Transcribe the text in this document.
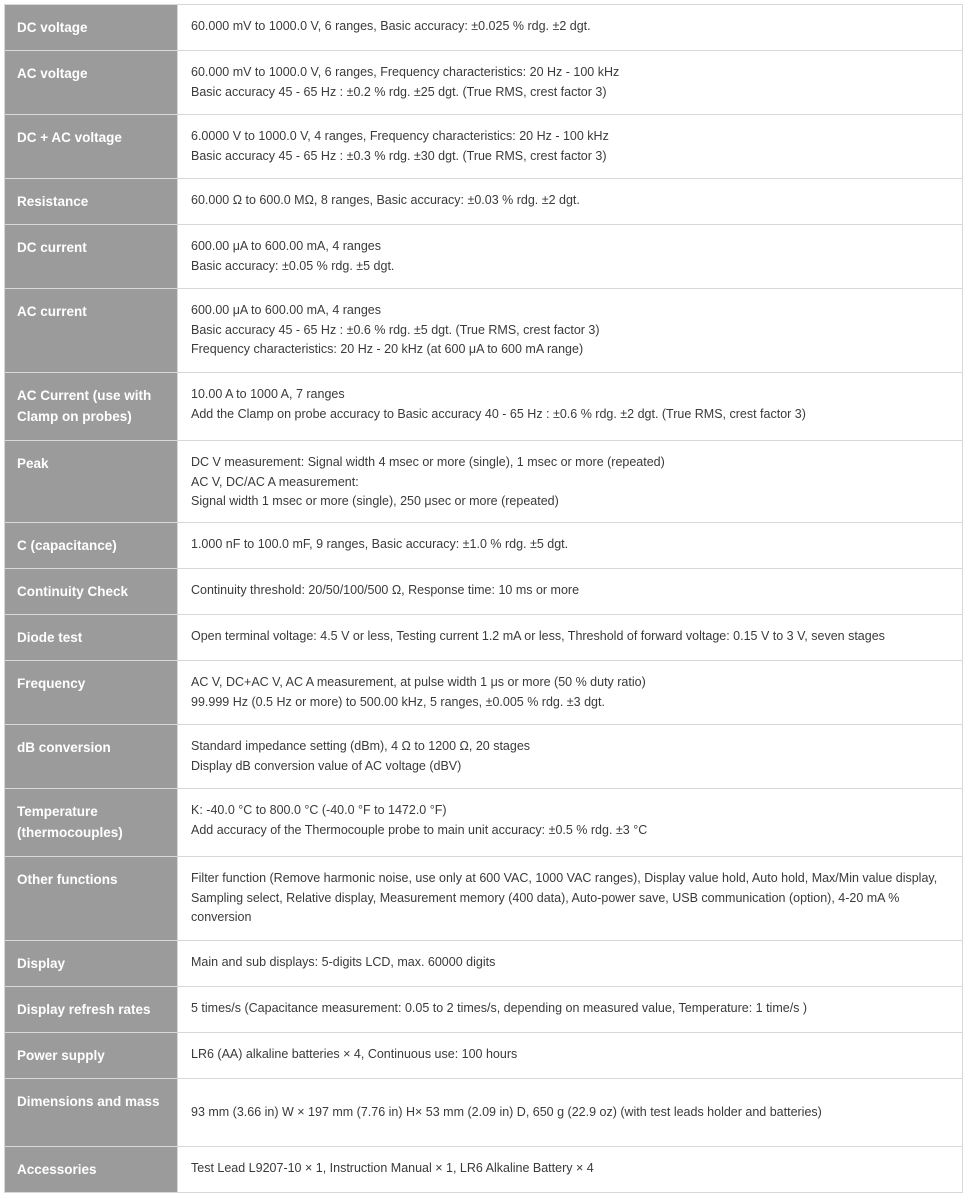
DC voltage	60.000 mV to 1000.0 V, 6 ranges, Basic accuracy: ±0.025 % rdg. ±2 dgt.

AC voltage	60.000 mV to 1000.0 V, 6 ranges, Frequency characteristics: 20 Hz - 100 kHz
Basic accuracy 45 - 65 Hz : ±0.2 % rdg. ±25 dgt. (True RMS, crest factor 3)

DC + AC voltage	6.0000 V to 1000.0 V, 4 ranges, Frequency characteristics: 20 Hz - 100 kHz
Basic accuracy 45 - 65 Hz : ±0.3 % rdg. ±30 dgt. (True RMS, crest factor 3)

Resistance	60.000 Ω to 600.0 MΩ, 8 ranges, Basic accuracy: ±0.03 % rdg. ±2 dgt.

DC current	600.00 μA to 600.00 mA, 4 ranges
Basic accuracy: ±0.05 % rdg. ±5 dgt.

AC current	600.00 μA to 600.00 mA, 4 ranges
Basic accuracy 45 - 65 Hz : ±0.6 % rdg. ±5 dgt. (True RMS, crest factor 3)
Frequency characteristics: 20 Hz - 20 kHz (at 600 μA to 600 mA range)

AC Current (use with Clamp on probes)	10.00 A to 1000 A, 7 ranges
Add the Clamp on probe accuracy to Basic accuracy 40 - 65 Hz : ±0.6 % rdg. ±2 dgt. (True RMS, crest factor 3)

Peak	DC V measurement: Signal width 4 msec or more (single), 1 msec or more (repeated)
AC V, DC/AC A measurement:
Signal width 1 msec or more (single), 250 μsec or more (repeated)

C (capacitance)	1.000 nF to 100.0 mF, 9 ranges, Basic accuracy: ±1.0 % rdg. ±5 dgt.

Continuity Check	Continuity threshold: 20/50/100/500 Ω, Response time: 10 ms or more

Diode test	Open terminal voltage: 4.5 V or less, Testing current 1.2 mA or less, Threshold of forward voltage: 0.15 V to 3 V, seven stages

Frequency	AC V, DC+AC V, AC A measurement, at pulse width 1 μs or more (50 % duty ratio)
99.999 Hz (0.5 Hz or more) to 500.00 kHz, 5 ranges, ±0.005 % rdg. ±3 dgt.

dB conversion	Standard impedance setting (dBm), 4 Ω to 1200 Ω, 20 stages
Display dB conversion value of AC voltage (dBV)

Temperature (thermocouples)	K: -40.0 °C to 800.0 °C (-40.0 °F to 1472.0 °F)
Add accuracy of the Thermocouple probe to main unit accuracy: ±0.5 % rdg. ±3 °C

Other functions	Filter function (Remove harmonic noise, use only at 600 VAC, 1000 VAC ranges), Display value hold, Auto hold, Max/Min value display, Sampling select, Relative display, Measurement memory (400 data), Auto-power save, USB communication (option), 4-20 mA % conversion

Display	Main and sub displays: 5-digits LCD, max. 60000 digits

Display refresh rates	5 times/s (Capacitance measurement: 0.05 to 2 times/s, depending on measured value, Temperature: 1 time/s )

Power supply	LR6 (AA) alkaline batteries × 4, Continuous use: 100 hours

Dimensions and mass	93 mm (3.66 in) W × 197 mm (7.76 in) H× 53 mm (2.09 in) D, 650 g (22.9 oz) (with test leads holder and batteries)

Accessories	Test Lead L9207-10 × 1, Instruction Manual × 1, LR6 Alkaline Battery × 4
